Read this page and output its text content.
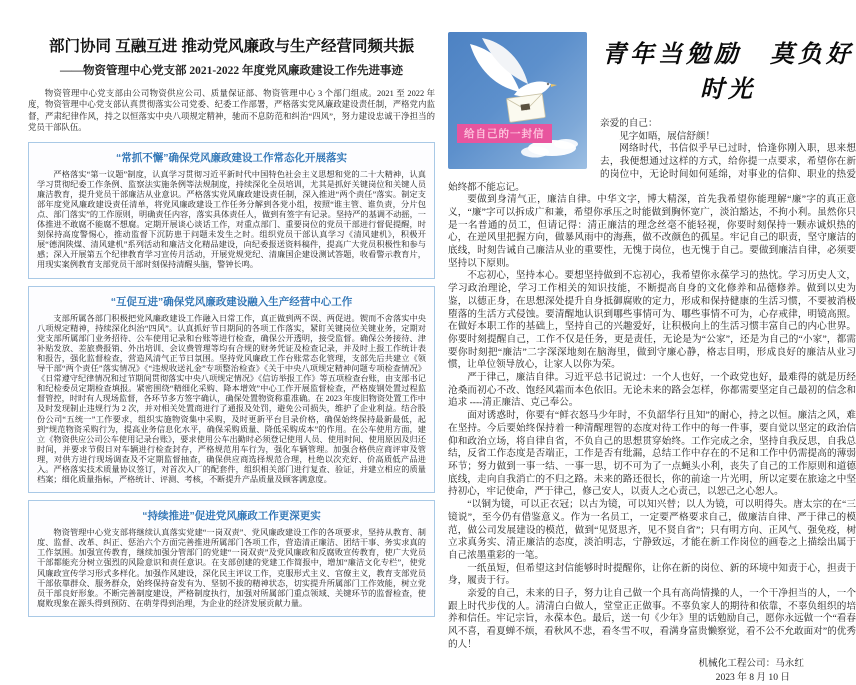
部门协同 互融互进 推动党风廉政与生产经营同频共振
——物资管理中心党支部 2021-2022 年度党风廉政建设工作先进事迹

物资管理中心党支部由公司物资供应公司、质量保证部、物资管理中心 3 个部门组成。2021 至 2022 年度，物资管理中心党支部认真贯彻落实公司党委、纪委工作部署，严格落实党风廉政建设责任制，严格党内监督，严肃纪律作风，持之以恒落实中央八项规定精神，驰而不息防范和纠治“四风”，努力建设忠诚干净担当的党员干部队伍。

“常抓不懈”确保党风廉政建设工作常态化开展落实

严格落实“第一议题”制度，认真学习贯彻习近平新时代中国特色社会主义思想和党的二十大精神，认真学习贯彻纪委工作条例、监察法实施条例等法规制度，持续深化全员培训，尤其是抓好关键岗位和关键人员廉洁教育，提升党员干部廉洁从业意识。严格落实党风廉政建设责任制，深入推进“两个责任”落实。制定支部年度党风廉政建设责任清单，将党风廉政建设工作任务分解到各党小组，按照“谁主管、谁负责，分片包点、部门落实”的工作原则，明确责任内容，落实具体责任人，做到有签字有记录。坚持严的基调不动摇，一体推进不敢腐不能腐不想腐。定期开展谈心谈话工作，对重点部门、重要岗位的党员干部进行督促提醒，时刻保持高度警惕心，推动监督下沉防患于问题未发生之时。组织党员干部认真学习《清风建机》，积极开展“德润陕煤、清风建机”系列活动和廉洁文化精品建设，向纪委报送资料稿件，提高广大党员积极性和参与感；深入开展第五个纪律教育学习宣传月活动，开展党规党纪、清廉国企建设测试答题，收看警示教育片，用现实案例教育支部党员干部时刻保持清醒头脑，警钟长鸣。

“互促互进”确保党风廉政建设融入生产经营中心工作

支部所属各部门积极把党风廉政建设工作融入日常工作，真正做到两不误、两促进。锲而不舍落实中央八项规定精神，持续深化纠治“四风”。认真抓好节日期间的各项工作落实，紧盯关键岗位关键业务，定期对党支部所属部门业务招待、公车使用记录和台账等进行检查，确保公开透明，接受监督。确保公务接待、津补贴发放、差旅费报销、外出培训、会议费管理等均有合规的财务凭证及检查记录，并及时上报工作统计表和报告，强化监督检查，营造风清气正节日氛围。坚持党风廉政工作台账常态化管理，支部先后共建立《领导干部“两个责任”落实情况》《“违规收送礼金”专项整治检查》《关于中央八项规定精神问题专项检查情况》《日常遵守纪律情况和过节期间贯彻落实中央八项规定情况》《信访举报工作》等五项检查台账，由支部书记和纪检委员定期检查填报。紧密围绕“精细化采购、降本增效”中心工作开展监督检查，严格废钢处置过程监督管控，时时有人现场监督，各环节多方签字确认，确保处置物资称重准确。在 2023 年废旧物资处置工作中及时发现制止违规行为 2 次，并对相关处置商进行了通报及处罚，避免公司损失，维护了企业利益。结合股份公司“五统一”工作要求，组织实施物资集中采购，及时更新平台目录价格，确保始终保持最新最低，起到“规范物资采购行为，提高业务信息化水平，确保采购质量、降低采购成本”的作用。在公车使用方面，建立《物资供应公司公车使用记录台账》，要求使用公车出勤时必须登记使用人员、使用时间、使用原因及归还时间，并要求节假日对车辆进行检查封存，严格规范用车行为，强化车辆管理。加强合格供应商评审及管理，对供方进行现场调查及不定期监督抽查，确保供应商选择规范合理，杜绝以次充好、价高质低产品进入。严格落实技术质量协议签订，对首次入厂的配套件，组织相关部门进行复查、验证，并建立相应的质量档案；细化质量指标，严格统计、评测、考核，不断提升产品质量及顾客满意度。

“持续推进”促进党风廉政工作更深更实

物资管理中心党支部将继续认真落实党建“一岗双责”、党风廉政建设工作的各项要求，坚持从教育、制度、监督、改革、纠正、惩治六个方面完善推进所属部门各项工作，营造清正廉洁、团结干事、务实求真的工作氛围。加强宣传教育，继续加强分管部门的党建“一岗双责”及党风廉政和反腐败宣传教育，使广大党员干部都能充分树立强烈的风险意识和责任意识。在支部创建的党建工作简报中，增加“廉洁文化专栏”，使党风廉政宣传学习形式多样化。加强作风建设，深化民主评议工作，克服形式主义、官僚主义，教育支部党员干部依靠群众、服务群众，始终保持奋发有为、坚韧不拔的精神状态，切实提升所属部门工作效能，树立党员干部良好形象。不断完善制度建设，严格制度执行，加强对所属部门重点领域、关键环节的监督检查，使腐败现象在源头得到预防、在萌芽得到治理，为企业的经济发展贡献力量。

给自己的一封信
青年当勉励　莫负好时光

亲爱的自己：

见字如晤，展信舒颜！

网络时代，书信似乎早已过时，恰逢你刚入职，思来想去，我便想通过这样的方式，给你提一点要求，希望你在新的岗位中，无论时间如何延绵，对事业的信仰、职业的热爱始终都不能忘记。

要做到身清气正，廉洁自律。中华文字，博大精深，首先我希望你能理解“廉”字的真正意义，“廉”字可以拆成广和兼，希望你承压之时能做到胸怀宽广，淡泊豁达，不拘小利。虽然你只是一名普通的员工，但请记得：清正廉洁的理念丝毫不能轻视，你要时刻保持一颗赤诚炽热的心，在逆风里把握方向，做暴风雨中的海燕，做不改颜色的孤星。牢记自己的职责，坚守廉洁的底线，时刻告诫自己廉洁从业的重要性，无愧于岗位，也无愧于自己。要做到廉洁自律，必须要坚持以下原则。

不忘初心，坚持本心。要想坚持做到不忘初心，我希望你永葆学习的热忱。学习历史人文，学习政治理论，学习工作相关的知识技能，不断提高自身的文化修养和品德修养。做到以史为鉴，以德正身，在思想深处提升自身抵御腐败的定力，形成和保持健康的生活习惯，不要被消极堕落的生活方式侵蚀。要清醒地认识到哪些事情可为、哪些事情不可为，心存戒律，明镜高照。在做好本职工作的基础上，坚持自己的兴趣爱好，让积极向上的生活习惯丰富自己的内心世界。你要时刻提醒自己，工作不仅是任务，更是责任，无论是为“公家”，还是为自己的“小家”，都需要你时刻把“廉洁”二字深深地刻在脑海里，做到守廉心静，格志目明，形成良好的廉洁从业习惯，让单位领导放心，让家人以你为荣。

严于律己，廉洁自律。习近平总书记说过：一个人也好，一个政党也好，最难得的就是历经沧桑而初心不改、饱经风霜而本色依旧。无论未来的路会怎样，你都需要坚定自己最初的信念和追求 ----清正廉洁、克己奉公。

面对诱惑时，你要有“鲜衣怒马少年时，不负韶华行且知”的耐心，持之以恒。廉洁之风，难在坚持。今后要始终保持着一种清醒理智的态度对待工作中的每一件事，要自觉以坚定的政治信仰和政治立场，将自律自省，不负自己的思想贯穿始终。工作完成之余，坚持自我反思，自我总结，反省工作态度是否端正，工作是否有纰漏，总结工作中存在的不足和工作中仍需提高的薄弱环节；努力做到一事一结、一事一思，切不可为了一点蝇头小利，丧失了自己的工作原则和道德底线，走向自我消亡的不归之路。未来的路还很长，你的前途一片光明，所以定要在旅途之中坚持初心，牢记使命，严于律己，修己安人，以责人之心责己，以恕己之心恕人。

“以铜为镜，可以正衣冠；以古为镜，可以知兴替；以人为镜，可以明得失。唐太宗的在“三镜说”，至今仍有借鉴意义。作为一名员工，一定要严格要求自己，做廉洁自律、严于律己的模范，做公司发展建设的模范，做到“见贤思齐，见不贤自省”；只有明方向、正风气、强免疫，树立求真务实、清正廉洁的态度，淡泊明志，宁静致远，才能在新工作岗位的画卷之上描绘出属于自己浓墨重彩的一笔。

一纸虽短，但希望这封信能够时时提醒你，让你在新的岗位、新的环境中知责于心，担责于身，履责于行。

亲爱的自己，未来的日子，努力让自己做一个具有高尚情操的人，一个干净担当的人，一个跟上时代步伐的人。清清白白做人，堂堂正正做事。不辜负家人的期待和依靠，不辜负组织的培养和信任。牢记宗旨，永葆本色。最后，送一句《少年》里的话勉励自己，愿你永远做一个“看春风不喜，看夏蝉不烦，看秋风不悲，看冬雪不叹，看满身富贵懒察觉，看不公不允敢面对”的优秀的人！

机械化工程公司：马永红

2023 年 8 月 10 日
